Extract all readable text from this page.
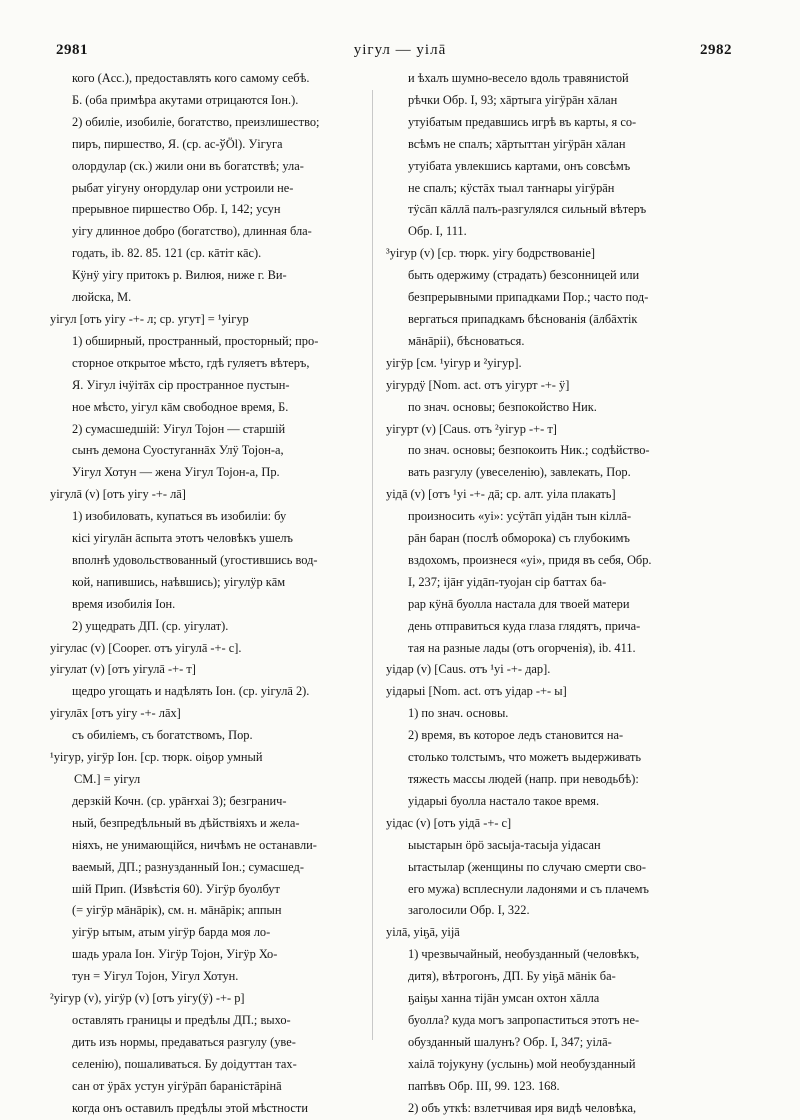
2981	уiгул — уiлā	2982
кого (Acc.), предоставлять кого самому себѣ.
Б. (оба примѣра акутами отрицаются Іон.).
2) обиліе, изобиліе, богатство, преизлишество;
пиръ, пиршество, Я. (ср. ас-ўÖl). Уiгуга
олордулар (ск.) жили они въ богатствѣ; ула-
рыбат уiгуну оҥордулар они устроили не-
прерывное пиршество Обр. I, 142; усун
уiгу длинное добро (богатство), длинная бла-
годать, ib. 82. 85. 121 (ср. кāтiт кāс).
Кӱнӱ уiгу притокъ р. Вилюя, ниже г. Ви-
люйска, М.
уiгул [отъ уiгу -+- л; ср. угут] = ¹уiгур
1) обширный, пространный, просторный; про-
сторное открытое мѣсто, гдѣ гуляетъ вѣтеръ,
Я. Уiгул iчӱiтāх сiр пространное пустын-
ное мѣсто, уiгул кāм свободное время, Б.
2) сумасшедшiй: Уiгул Тоjон — старшiй
сынъ демона Суостуганнāх Улӱ Тоjон-а,
Уiгул Хотун — жена Уiгул Тоjон-а, Пр.
уiгулā (v) [отъ уiгу -+- лā]
1) изобиловать, купаться въ изобиліи: бу
кiсi уiгулāн āспыта этотъ человѣкъ ушелъ
вполнѣ удовольствованный (угостившись вод-
кой, напившись, наѣвшись); уiгулӱр кāм
время изобилія Іон.
2) ущедрать ДП. (ср. уiгулат).
уiгулас (v) [Cooper. отъ уiгулā -+- с].
уiгулат (v) [отъ уiгулā -+- т]
щедро угощать и надѣлять Іон. (ср. уiгулā 2).
уiгулāх [отъ уiгу -+- лāх]
съ обиліемъ, съ богатствомъ, Пор.
¹уiгур, уiгӱр Іон. [ср. тюрк. оiҕор умный
СМ.] = уiгул
дерзкiй Кочн. (ср. урāҥхаi 3); безгранич-
ный, безпредѣльный въ дѣйствiяхъ и жела-
нiяхъ, не унимающiйся, ничѣмъ не останавли-
ваемый, ДП.; разнузданный Іон.; сумасшед-
шiй Прип. (Извѣстiя 60). Уiгӱр буолбут
(= уiгӱр мāнāрiк), см. н. мāнāрiк; аппын
уiгӱр ытым, атым уiгӱр барда моя ло-
шадь урала Іон. Уiгӱр Тоjон, Уiгӱр Хо-
тун = Уiгул Тоjон, Уiгул Хотун.
²уiгур (v), уiгӱр (v) [отъ уiгу(ӱ) -+- р]
оставлять границы и предѣлы ДП.; выхо-
дить изъ нормы, предаваться разгулу (уве-
селенію), пошаливаться. Бу доiдуттан тах-
сан от ӱрāх устун уiгӱрāп баранiстāрiнā
когда онъ оставилъ предѣлы этой мѣстности
и ѣхалъ шумно-весело вдоль травянистой
рѣчки Обр. I, 93; хāртыга уiгӱрāн хāлан
утуiбатым предавшись игрѣ въ карты, я со-
всѣмъ не спалъ; хāртыттан уiгӱрāн хāлан
утуiбата увлекшись картами, онъ совсѣмъ
не спалъ; кӱстāх тыал таҥнары уiгӱрāн
тӱсāп кāллā палъ-разгулялся сильный вѣтеръ
Обр. I, 111.
³уiгур (v) [ср. тюрк. уiгу бодрствованiе]
быть одержиму (страдать) безсонницей или
безпрерывными припадками Пор.; часто под-
вергаться припадкамъ бѣснованія (āлбāхтiк
мāнāрii), бѣсноваться.
уiгӱр [см. ¹уiгур и ²уiгур].
уiгурдӱ [Nom. act. отъ уiгурт -+- ӱ]
по знач. основы; безпокойство Ник.
уiгурт (v) [Caus. отъ ²уiгур -+- т]
по знач. основы; безпокоить Ник.; содѣйство-
вать разгулу (увеселенію), завлекать, Пор.
уiдā (v) [отъ ¹уi -+- дā; ср. алт. уiла плакать]
произносить «уi»: усӱтāп уiдāн тын кiллā-
рāн баран (послѣ обморока) съ глубокимъ
вздохомъ, произнеся «уi», придя въ себя, Обр.
I, 237; iјāҥ уiдāп-туоjан сiр баттах ба-
рар кӱнā буолла настала для твоей матери
день отправиться куда глаза глядятъ, прича-
тая на разные лады (отъ огорченія), ib. 411.
уiдар (v) [Caus. отъ ¹уi -+- дар].
уiдарыi [Nom. act. отъ уiдар -+- ы]
1) по знач. основы.
2) время, въ которое ледъ становится на-
столько толстымъ, что можетъ выдерживать
тяжесть массы людей (напр. при неводьбѣ):
уiдарыi буолла настало такое время.
уiдас (v) [отъ уiдā -+- с]
ыыстарын ӧрӧ засыjа-тасыjа уiдасан
ытастылар (женщины по случаю смерти сво-
его мужа) всплеснули ладонями и съ плачемъ
заголосили Обр. I, 322.
уiлā, уiҕā, уiјā
1) чрезвычайный, необузданный (человѣкъ,
дитя), вѣтрогонъ, ДП. Бу уiҕā мāнiк ба-
ҕаiҕы ханна тiјāн умсан охтон хāлла
буолла? куда могъ запропаститься этотъ не-
обузданный шалунъ? Обр. I, 347; уiлā-
хаiлā тоjукуну (услынь) мой необузданный
папѣвъ Обр. III, 99. 123. 168.
2) объ уткѣ: взлетчивая иря видѣ человѣка,
